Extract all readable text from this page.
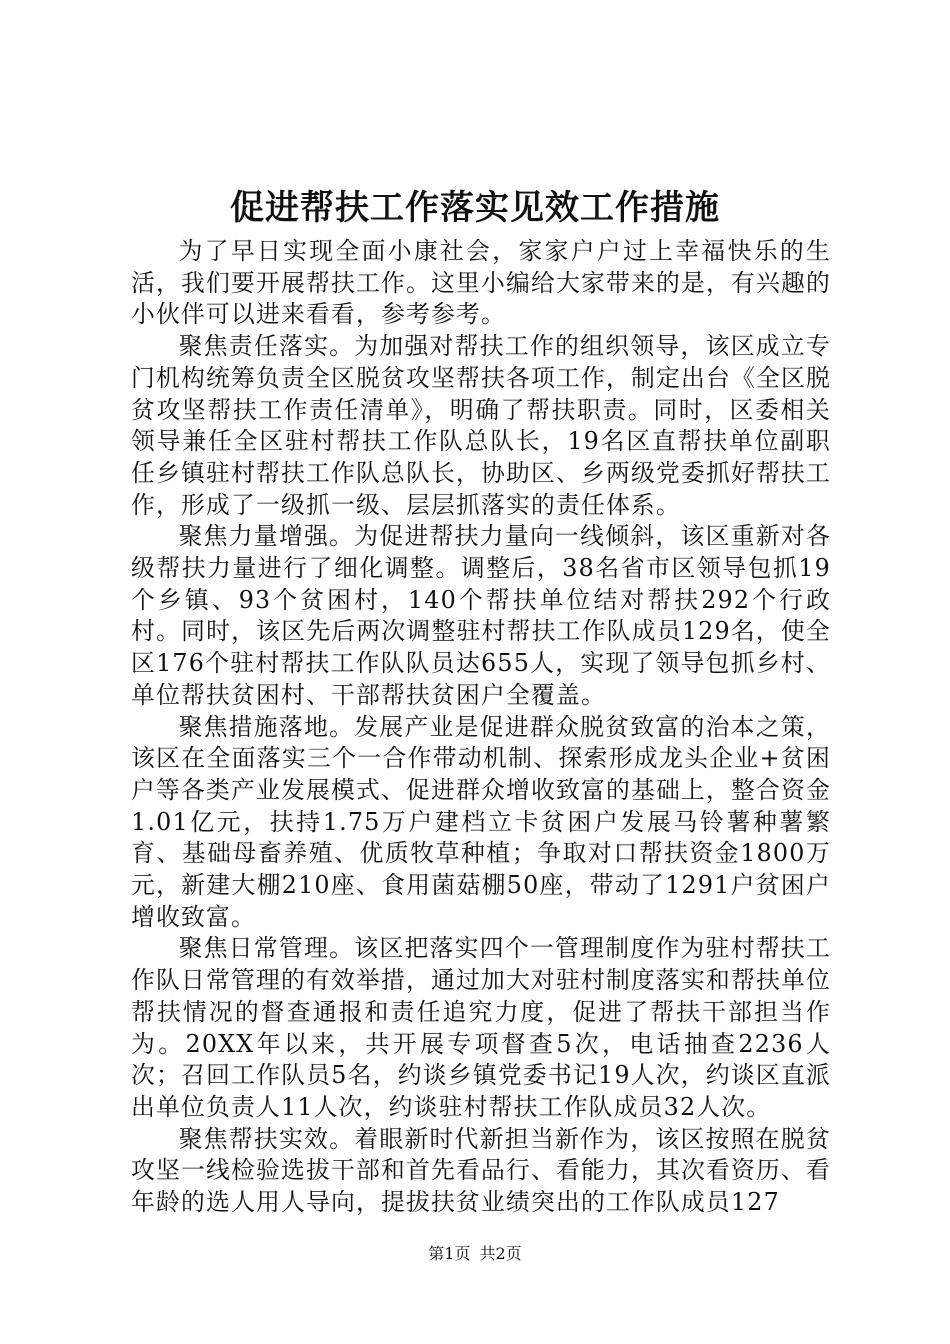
促进帮扶工作落实见效工作措施

为了早日实现全面小康社会，家家户户过上幸福快乐的生活，我们要开展帮扶工作。这里小编给大家带来的是，有兴趣的小伙伴可以进来看看，参考参考。

聚焦责任落实。为加强对帮扶工作的组织领导，该区成立专门机构统筹负责全区脱贫攻坚帮扶各项工作，制定出台《全区脱贫攻坚帮扶工作责任清单》，明确了帮扶职责。同时，区委相关领导兼任全区驻村帮扶工作队总队长，19名区直帮扶单位副职任乡镇驻村帮扶工作队总队长，协助区、乡两级党委抓好帮扶工作，形成了一级抓一级、层层抓落实的责任体系。

聚焦力量增强。为促进帮扶力量向一线倾斜，该区重新对各级帮扶力量进行了细化调整。调整后，38名省市区领导包抓19个乡镇、93个贫困村，140个帮扶单位结对帮扶292个行政村。同时，该区先后两次调整驻村帮扶工作队成员129名，使全区176个驻村帮扶工作队队员达655人，实现了领导包抓乡村、单位帮扶贫困村、干部帮扶贫困户全覆盖。

聚焦措施落地。发展产业是促进群众脱贫致富的治本之策，该区在全面落实三个一合作带动机制、探索形成龙头企业+贫困户等各类产业发展模式、促进群众增收致富的基础上，整合资金1.01亿元，扶持1.75万户建档立卡贫困户发展马铃薯种薯繁育、基础母畜养殖、优质牧草种植；争取对口帮扶资金1800万元，新建大棚210座、食用菌菇棚50座，带动了1291户贫困户增收致富。

聚焦日常管理。该区把落实四个一管理制度作为驻村帮扶工作队日常管理的有效举措，通过加大对驻村制度落实和帮扶单位帮扶情况的督查通报和责任追究力度，促进了帮扶干部担当作为。20XX年以来，共开展专项督查5次，电话抽查2236人次；召回工作队员5名，约谈乡镇党委书记19人次，约谈区直派出单位负责人11人次，约谈驻村帮扶工作队成员32人次。

聚焦帮扶实效。着眼新时代新担当新作为，该区按照在脱贫攻坚一线检验选拔干部和首先看品行、看能力，其次看资历、看年龄的选人用人导向，提拔扶贫业绩突出的工作队成员127

第1页 共2页
